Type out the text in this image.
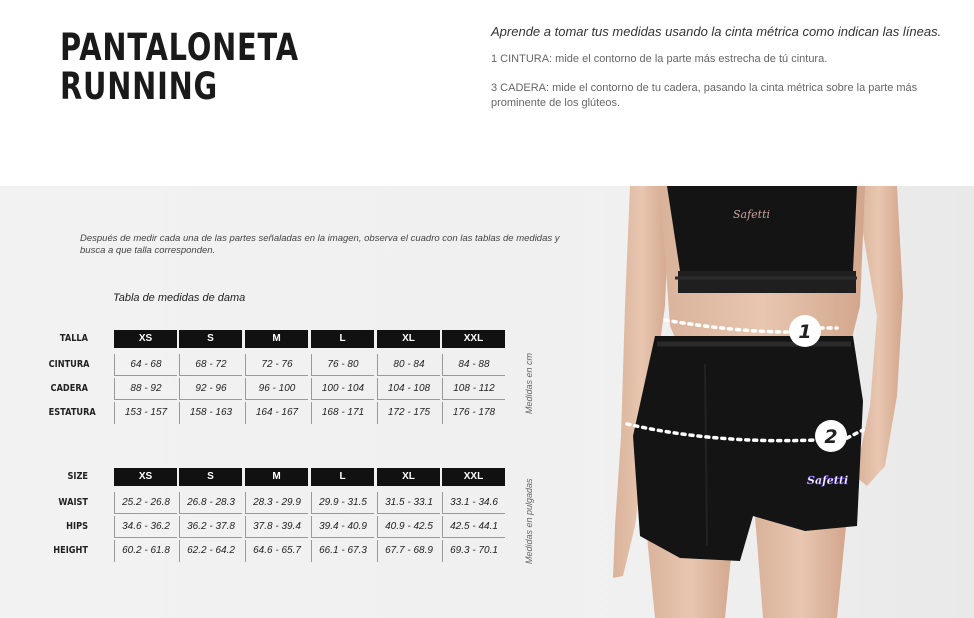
PANTALONETA
RUNNING
Aprende a tomar tus medidas usando la cinta métrica como indican las líneas.
1 CINTURA: mide el contorno de la parte más estrecha de tú cintura.
3 CADERA: mide el contorno de tu cadera, pasando la cinta métrica sobre la parte más prominente de los glúteos.
Después de medir cada una de las partes señaladas en la imagen, observa el cuadro con las tablas de medidas y busca a que talla corresponden.
Tabla de medidas de dama
TALLA	XS	S	M	L	XL	XXL
CINTURA	64 - 68	68 - 72	72 - 76	76 - 80	80 - 84	84 - 88
CADERA	88 - 92	92 - 96	96 - 100	100 - 104	104 - 108	108 - 112
ESTATURA	153 - 157	158 - 163	164 - 167	168 - 171	172 - 175	176 - 178	Medidas en cm
SIZE	XS	S	M	L	XL	XXL
WAIST	25.2 - 26.8	26.8 - 28.3	28.3 - 29.9	29.9 - 31.5	31.5 - 33.1	33.1 - 34.6
HIPS	34.6 - 36.2	36.2 - 37.8	37.8 - 39.4	39.4 - 40.9	40.9 - 42.5	42.5 - 44.1
HEIGHT	60.2 - 61.8	62.2 - 64.2	64.6 - 65.7	66.1 - 67.3	67.7 - 68.9	69.3 - 70.1	Medidas en pulgadas
Safetti
Safetti
1
2
